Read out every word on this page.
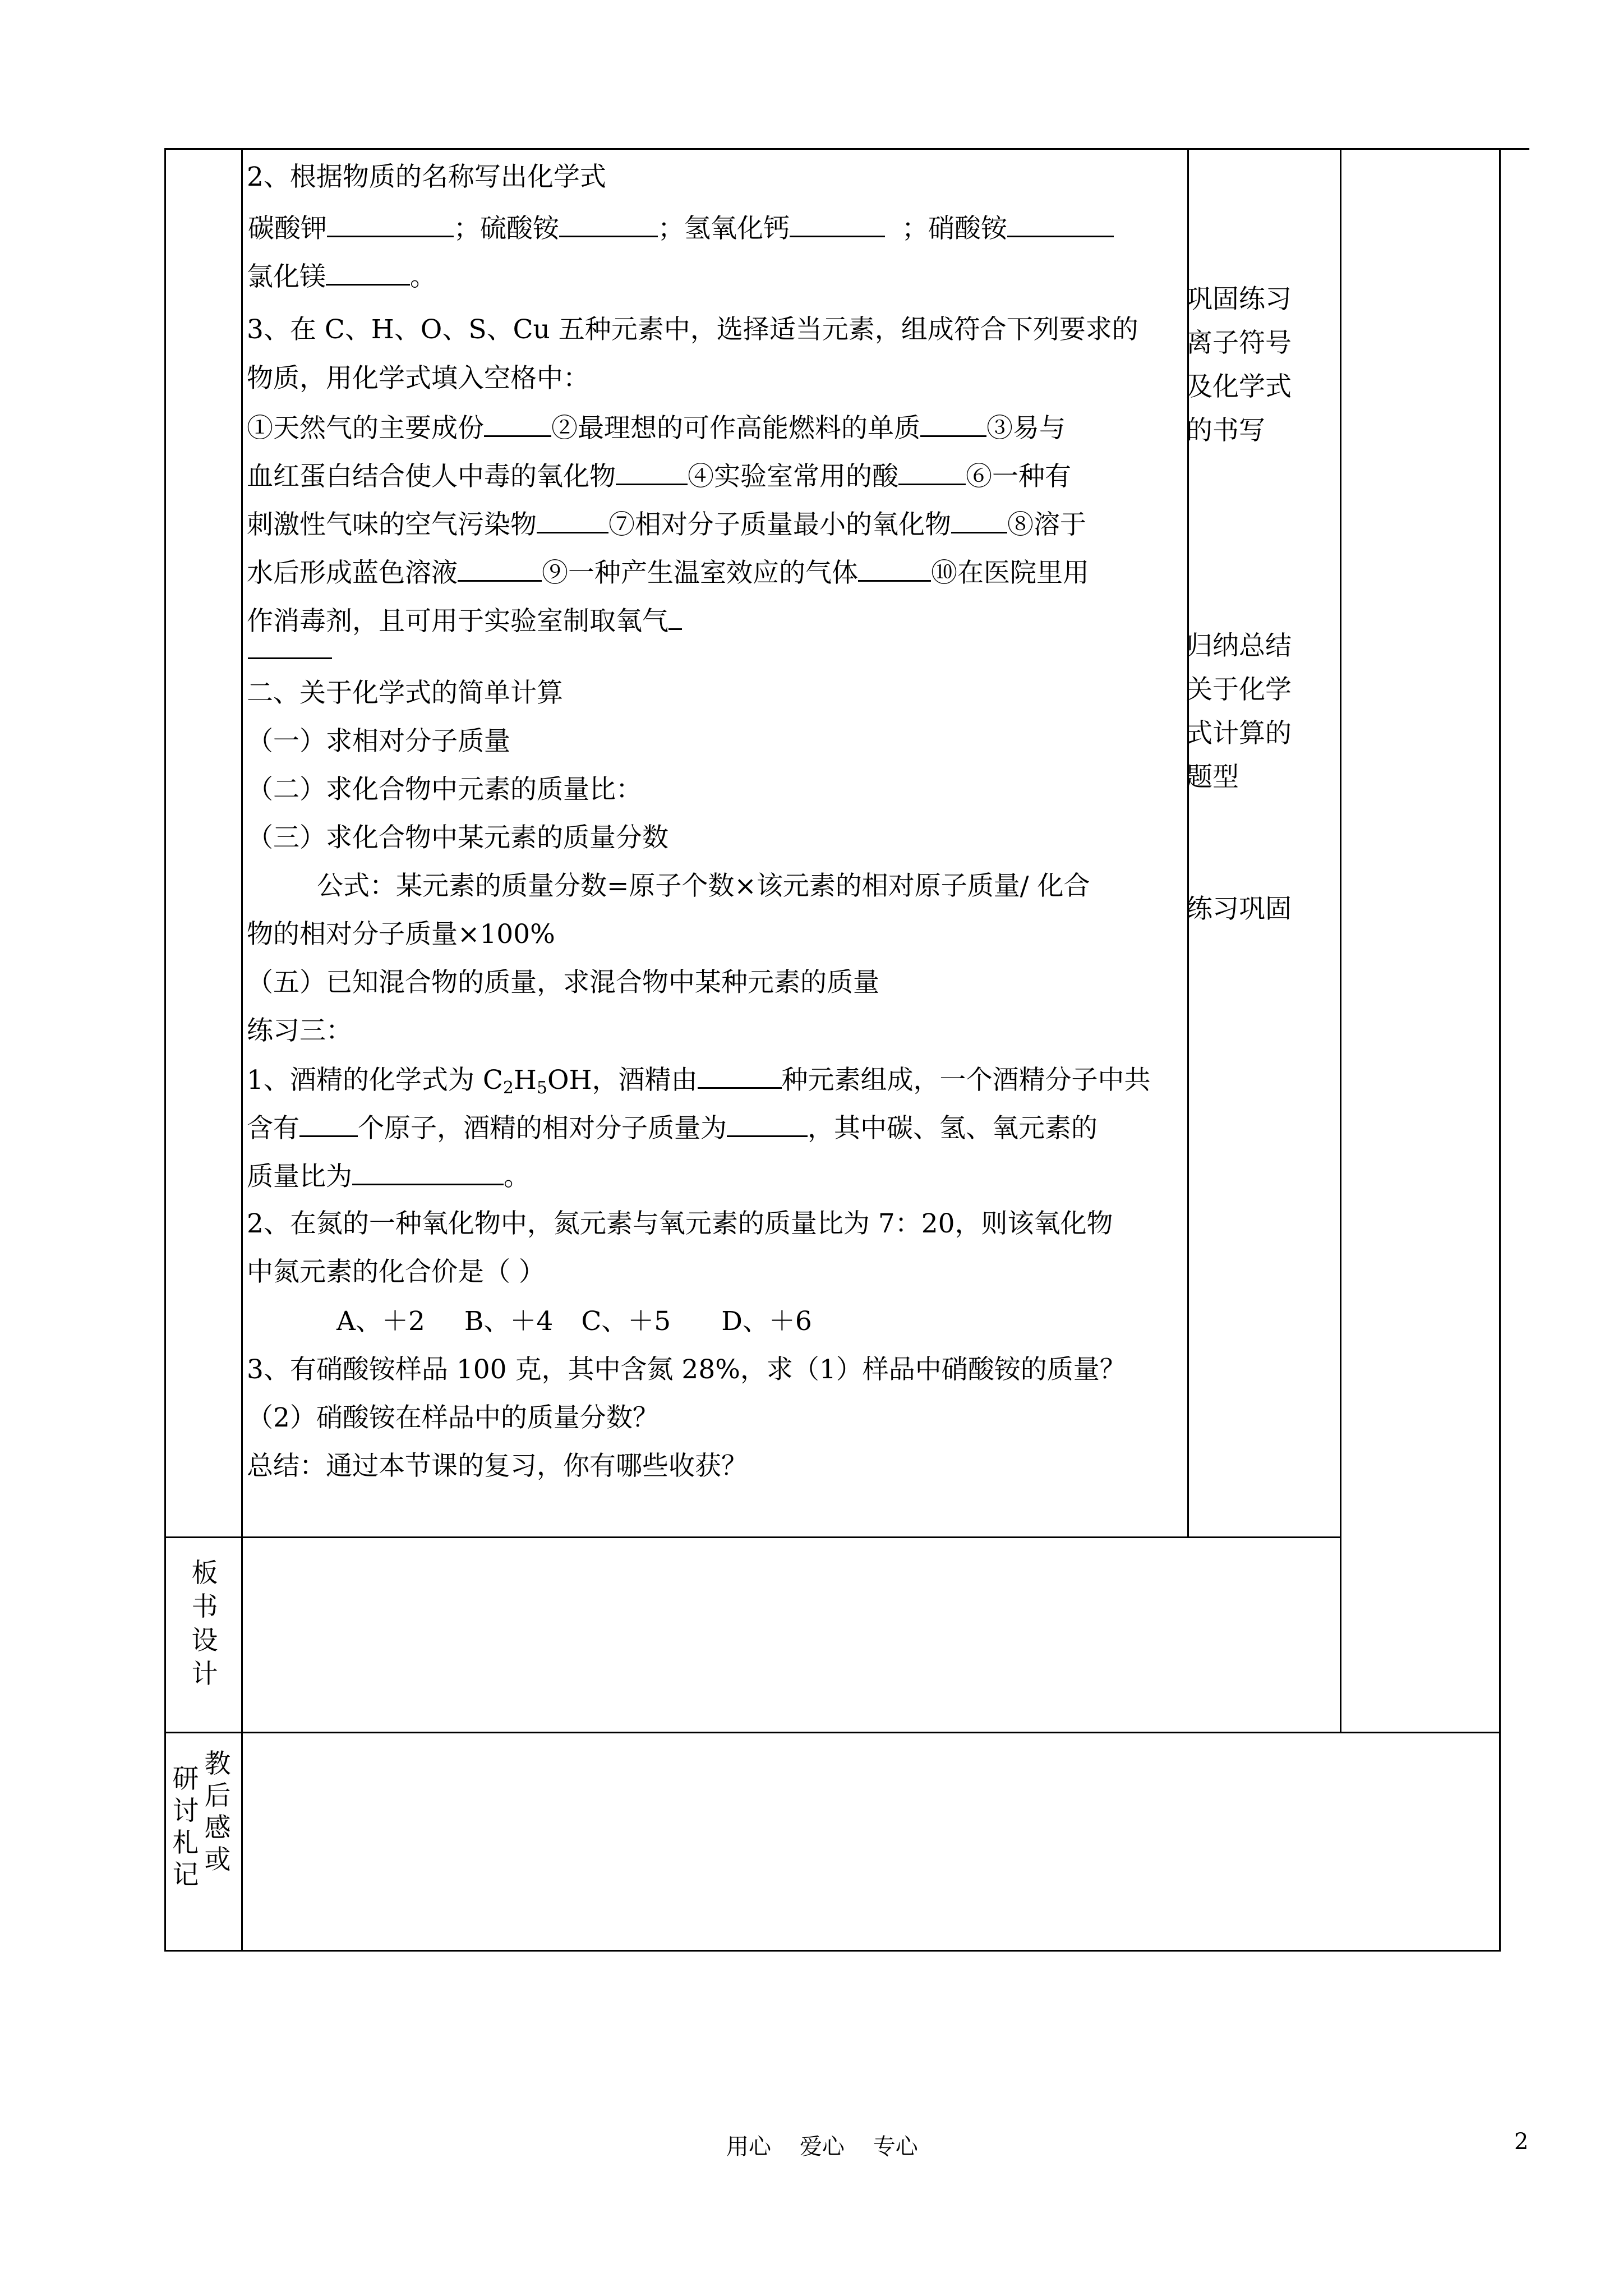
2、根据物质的名称写出化学式
碳酸钾	；硫酸铵	；氢氧化钙	；硝酸铵
氯化镁	。
3、在 C、H、O、S、Cu 五种元素中，选择适当元素，组成符合下列要求的
物质，用化学式填入空格中：
①天然气的主要成份	②最理想的可作高能燃料的单质	③易与
血红蛋白结合使人中毒的氧化物	④实验室常用的酸	⑥一种有
刺激性气味的空气污染物	⑦相对分子质量最小的氧化物 ⑧溶于
水后形成蓝色溶液	⑨一种产生温室效应的气体	⑩在医院里用
作消毒剂，且可用于实验室制取氧气
二、关于化学式的简单计算
（一）求相对分子质量
（二）求化合物中元素的质量比：
（三）求化合物中某元素的质量分数
公式：某元素的质量分数=原子个数×该元素的相对原子质量/ 化合
物的相对分子质量×100%
（五）已知混合物的质量，求混合物中某种元素的质量
练习三：
1、酒精的化学式为 $C_2H_5OH$，酒精由	种元素组成，一个酒精分子中共
含有 个原子，酒精的相对分子质量为	，其中碳、氢、氧元素的
质量比为	。
2、在氮的一种氧化物中，氮元素与氧元素的质量比为 7：20，则该氧化物
中氮元素的化合价是（ ）
A、＋2 B、＋4 C、＋5 D、＋6
3、有硝酸铵样品 100 克，其中含氮 28%，求（1）样品中硝酸铵的质量？
（2）硝酸铵在样品中的质量分数？
总结：通过本节课的复习，你有哪些收获？
巩固练习
离子符号
及化学式
的书写
归纳总结
关于化学
式计算的
题型
练习巩固
板
书
设
计
研
讨
札
记
教
后
感
或
用心    爱心    专心	2
